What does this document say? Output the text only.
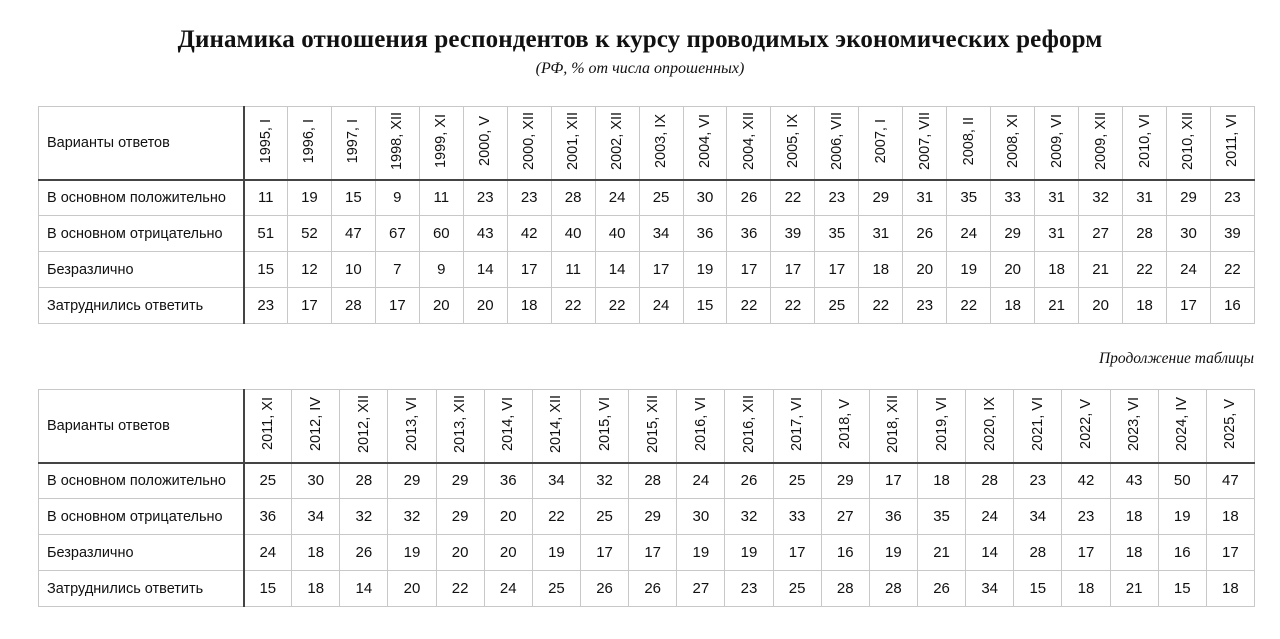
Динамика отношения респондентов к курсу проводимых экономических реформ
(РФ, % от числа опрошенных)
Варианты ответов	1995, I	1996, I	1997, I	1998, XII	1999, XI	2000, V	2000, XII	2001, XII	2002, XII	2003, IX	2004, VI	2004, XII	2005, IX	2006, VII	2007, I	2007, VII	2008, II	2008, XI	2009, VI	2009, XII	2010, VI	2010, XII	2011, VI
В основном положительно	11	19	15	9	11	23	23	28	24	25	30	26	22	23	29	31	35	33	31	32	31	29	23
В основном отрицательно	51	52	47	67	60	43	42	40	40	34	36	36	39	35	31	26	24	29	31	27	28	30	39
Безразлично	15	12	10	7	9	14	17	11	14	17	19	17	17	17	18	20	19	20	18	21	22	24	22
Затруднились ответить	23	17	28	17	20	20	18	22	22	24	15	22	22	25	22	23	22	18	21	20	18	17	16
Продолжение таблицы
Варианты ответов	2011, XI	2012, IV	2012, XII	2013, VI	2013, XII	2014, VI	2014, XII	2015, VI	2015, XII	2016, VI	2016, XII	2017, VI	2018, V	2018, XII	2019, VI	2020, IX	2021, VI	2022, V	2023, VI	2024, IV	2025, V
В основном положительно	25	30	28	29	29	36	34	32	28	24	26	25	29	17	18	28	23	42	43	50	47
В основном отрицательно	36	34	32	32	29	20	22	25	29	30	32	33	27	36	35	24	34	23	18	19	18
Безразлично	24	18	26	19	20	20	19	17	17	19	19	17	16	19	21	14	28	17	18	16	17
Затруднились ответить	15	18	14	20	22	24	25	26	26	27	23	25	28	28	26	34	15	18	21	15	18
